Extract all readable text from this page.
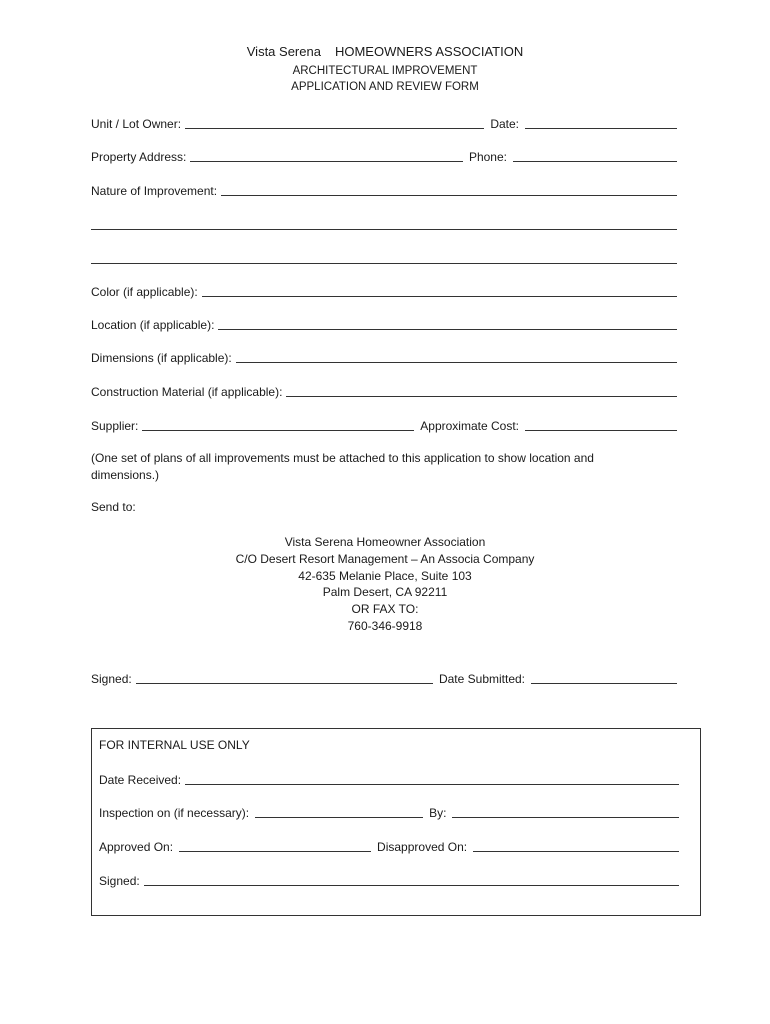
Vista Serena HOMEOWNERS ASSOCIATION
ARCHITECTURAL IMPROVEMENT
APPLICATION AND REVIEW FORM
Unit / Lot Owner:	Date:
Property Address:	Phone:
Nature of Improvement:
Color (if applicable):
Location (if applicable):
Dimensions (if applicable):
Construction Material (if applicable):
Supplier:	Approximate Cost:
(One set of plans of all improvements must be attached to this application to show location and dimensions.)
Send to:
Vista Serena Homeowner Association
C/O Desert Resort Management – An Associa Company
42-635 Melanie Place, Suite 103
Palm Desert, CA 92211
OR FAX TO:
760-346-9918
Signed:	Date Submitted:
FOR INTERNAL USE ONLY
Date Received:
Inspection on (if necessary):	By:
Approved On:	Disapproved On:
Signed:
